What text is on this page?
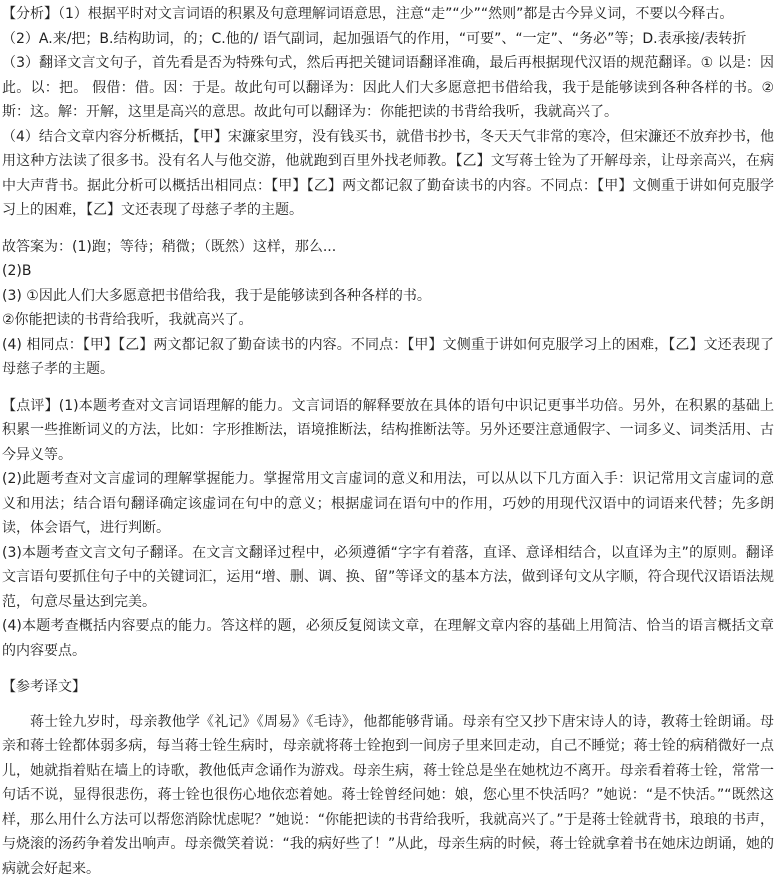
【分析】（1）根据平时对文言词语的积累及句意理解词语意思，注意“走”“少”“然则”都是古今异义词，不要以今释古。

（2）A.来/把；B.结构助词，的；C.他的/ 语气副词，起加强语气的作用，“可要”、“一定”、“务必”等；D.表承接/表转折

（3）翻译文言文句子，首先看是否为特殊句式，然后再把关键词语翻译准确，最后再根据现代汉语的规范翻译。① 以是：因此。以：把。 假借：借。因：于是。故此句可以翻译为：因此人们大多愿意把书借给我，我于是能够读到各种各样的书。② 斯：这。解：开解，这里是高兴的意思。故此句可以翻译为：你能把读的书背给我听，我就高兴了。

（4）结合文章内容分析概括，【甲】宋濂家里穷，没有钱买书，就借书抄书，冬天天气非常的寒冷，但宋濂还不放弃抄书，他用这种方法读了很多书。没有名人与他交游，他就跑到百里外找老师教。【乙】文写蒋士铨为了开解母亲，让母亲高兴，在病中大声背书。据此分析可以概括出相同点：【甲】【乙】两文都记叙了勤奋读书的内容。不同点：【甲】文侧重于讲如何克服学习上的困难，【乙】文还表现了母慈子孝的主题。

故答案为：(1)跑；等待；稍微；（既然）这样，那么...

(2)B

(3) ①因此人们大多愿意把书借给我，我于是能够读到各种各样的书。

②你能把读的书背给我听，我就高兴了。

(4) 相同点：【甲】【乙】两文都记叙了勤奋读书的内容。不同点：【甲】文侧重于讲如何克服学习上的困难，【乙】文还表现了母慈子孝的主题。

【点评】(1)本题考查对文言词语理解的能力。文言词语的解释要放在具体的语句中识记更事半功倍。另外，在积累的基础上积累一些推断词义的方法，比如：字形推断法，语境推断法，结构推断法等。另外还要注意通假字、一词多义、词类活用、古今异义等。

(2)此题考查对文言虚词的理解掌握能力。掌握常用文言虚词的意义和用法，可以从以下几方面入手：识记常用文言虚词的意义和用法；结合语句翻译确定该虚词在句中的意义；根据虚词在语句中的作用，巧妙的用现代汉语中的词语来代替；先多朗读，体会语气，进行判断。

(3)本题考查文言文句子翻译。在文言文翻译过程中，必须遵循“字字有着落，直译、意译相结合，以直译为主”的原则。翻译文言语句要抓住句子中的关键词汇，运用“增、删、调、换、留”等译文的基本方法，做到译句文从字顺，符合现代汉语语法规范，句意尽量达到完美。

(4)本题考查概括内容要点的能力。答这样的题，必须反复阅读文章，在理解文章内容的基础上用简洁、恰当的语言概括文章的内容要点。

【参考译文】

蒋士铨九岁时，母亲教他学《礼记》《周易》《毛诗》，他都能够背诵。母亲有空又抄下唐宋诗人的诗，教蒋士铨朗诵。母亲和蒋士铨都体弱多病，每当蒋士铨生病时，母亲就将蒋士铨抱到一间房子里来回走动，自己不睡觉；蒋士铨的病稍微好一点儿，她就指着贴在墙上的诗歌，教他低声念诵作为游戏。母亲生病，蒋士铨总是坐在她枕边不离开。母亲看着蒋士铨，常常一句话不说，显得很悲伤，蒋士铨也很伤心地依恋着她。蒋士铨曾经问她：娘，您心里不快活吗？”她说：“是不快活。”“既然这样，那么用什么方法可以帮您消除忧虑呢？”她说：“你能把读的书背给我听，我就高兴了。”于是蒋士铨就背书，琅琅的书声，与烧滚的汤药争着发出响声。母亲微笑着说：“我的病好些了！”从此，母亲生病的时候，蒋士铨就拿着书在她床边朗诵，她的病就会好起来。
